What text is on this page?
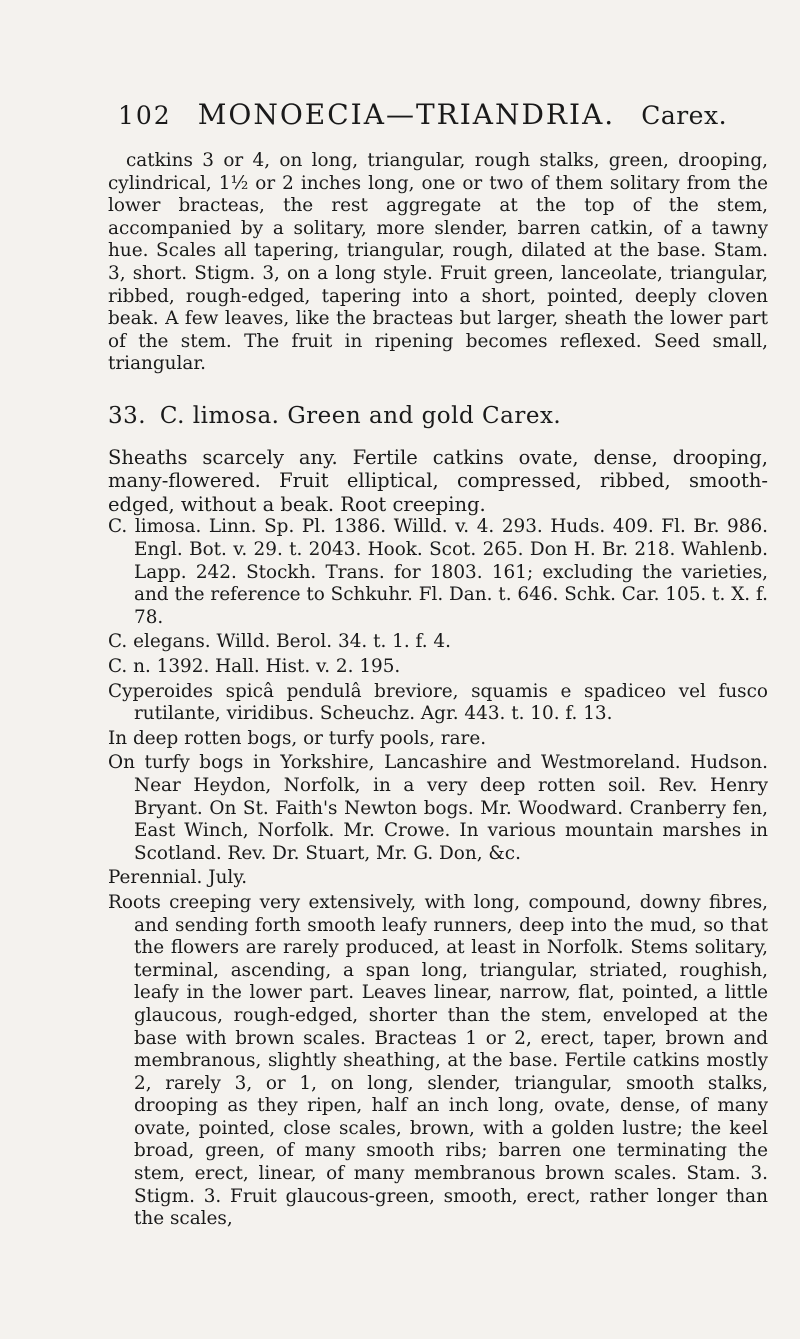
102 MONOECIA—TRIANDRIA. Carex.

catkins 3 or 4, on long, triangular, rough stalks, green, drooping, cylindrical, 1½ or 2 inches long, one or two of them solitary from the lower bracteas, the rest aggregate at the top of the stem, accompanied by a solitary, more slender, barren catkin, of a tawny hue. Scales all tapering, triangular, rough, dilated at the base. Stam. 3, short. Stigm. 3, on a long style. Fruit green, lanceolate, triangular, ribbed, rough-edged, tapering into a short, pointed, deeply cloven beak. A few leaves, like the bracteas but larger, sheath the lower part of the stem. The fruit in ripening becomes reflexed. Seed small, triangular.

33. C. limosa. Green and gold Carex.

Sheaths scarcely any. Fertile catkins ovate, dense, drooping, many-flowered. Fruit elliptical, compressed, ribbed, smooth-edged, without a beak. Root creeping.

C. limosa. Linn. Sp. Pl. 1386. Willd. v. 4. 293. Huds. 409. Fl. Br. 986. Engl. Bot. v. 29. t. 2043. Hook. Scot. 265. Don H. Br. 218. Wahlenb. Lapp. 242. Stockh. Trans. for 1803. 161; excluding the varieties, and the reference to Schkuhr. Fl. Dan. t. 646. Schk. Car. 105. t. X. f. 78.

C. elegans. Willd. Berol. 34. t. 1. f. 4.

C. n. 1392. Hall. Hist. v. 2. 195.

Cyperoides spicâ pendulâ breviore, squamis e spadiceo vel fusco rutilante, viridibus. Scheuchz. Agr. 443. t. 10. f. 13.

In deep rotten bogs, or turfy pools, rare.

On turfy bogs in Yorkshire, Lancashire and Westmoreland. Hudson. Near Heydon, Norfolk, in a very deep rotten soil. Rev. Henry Bryant. On St. Faith's Newton bogs. Mr. Woodward. Cranberry fen, East Winch, Norfolk. Mr. Crowe. In various mountain marshes in Scotland. Rev. Dr. Stuart, Mr. G. Don, &c.

Perennial. July.

Roots creeping very extensively, with long, compound, downy fibres, and sending forth smooth leafy runners, deep into the mud, so that the flowers are rarely produced, at least in Norfolk. Stems solitary, terminal, ascending, a span long, triangular, striated, roughish, leafy in the lower part. Leaves linear, narrow, flat, pointed, a little glaucous, rough-edged, shorter than the stem, enveloped at the base with brown scales. Bracteas 1 or 2, erect, taper, brown and membranous, slightly sheathing, at the base. Fertile catkins mostly 2, rarely 3, or 1, on long, slender, triangular, smooth stalks, drooping as they ripen, half an inch long, ovate, dense, of many ovate, pointed, close scales, brown, with a golden lustre; the keel broad, green, of many smooth ribs; barren one terminating the stem, erect, linear, of many membranous brown scales. Stam. 3. Stigm. 3. Fruit glaucous-green, smooth, erect, rather longer than the scales,
